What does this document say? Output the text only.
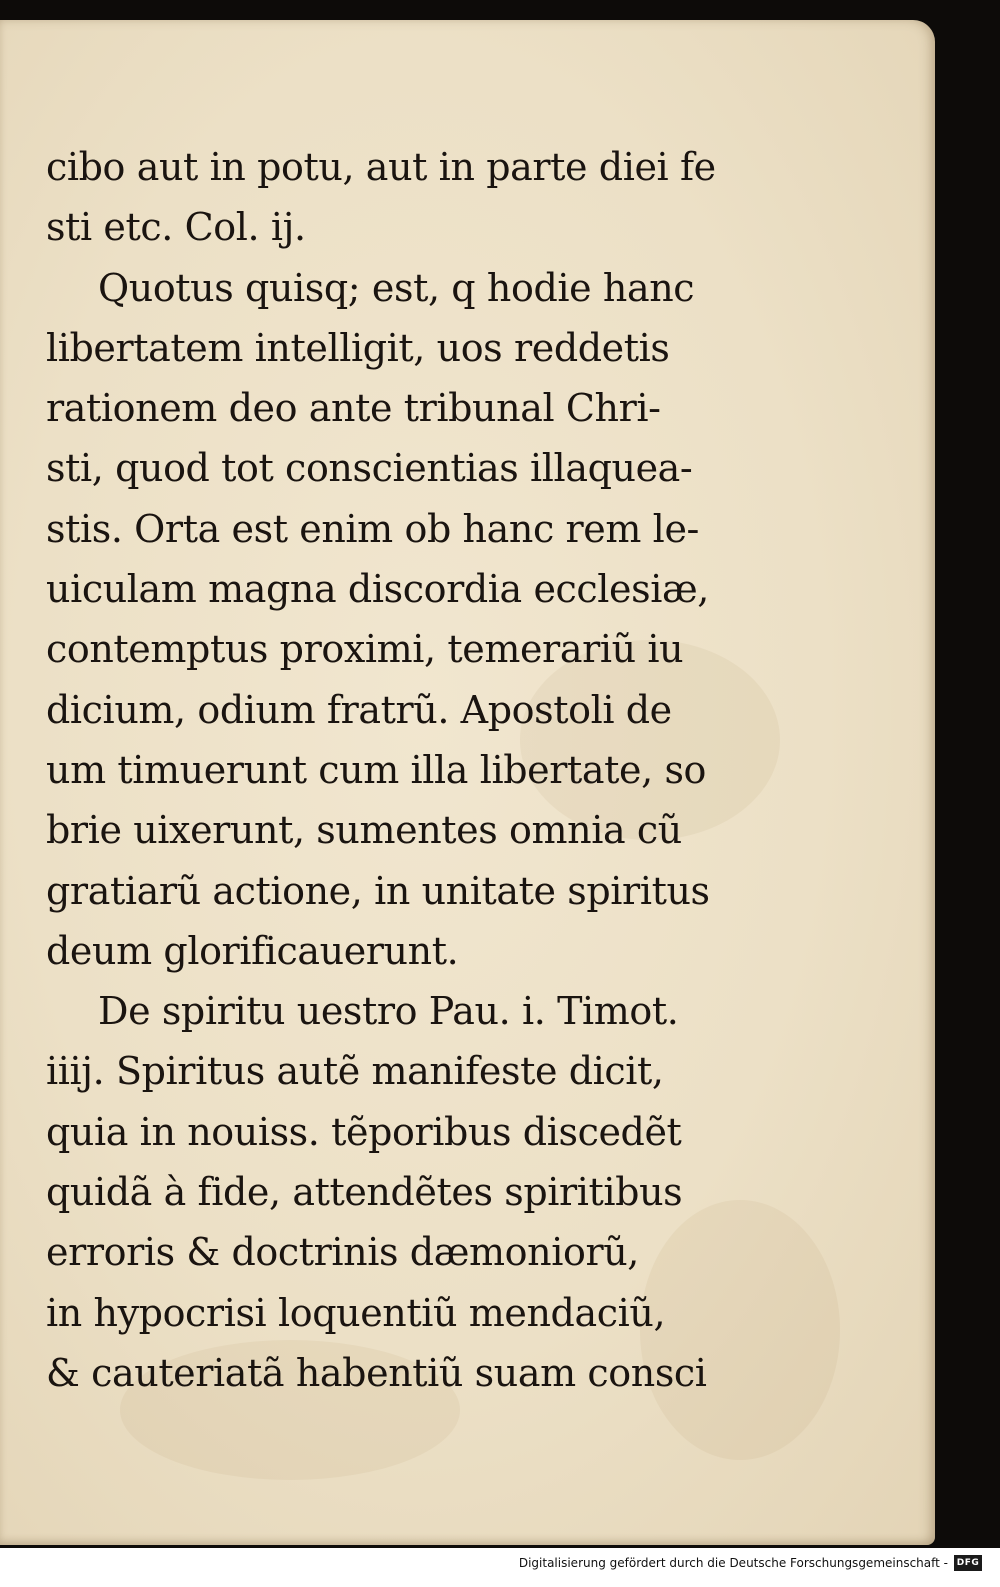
cibo aut in potu, aut in parte diei fe
sti etc. Col. ij.
Quotus quisq; est, q hodie hanc
libertatem intelligit, uos reddetis
rationem deo ante tribunal Chri-
sti, quod tot conscientias illaquea-
stis. Orta est enim ob hanc rem le-
uiculam magna discordia ecclesiæ,
contemptus proximi, temerariũ iu
dicium, odium fratrũ. Apostoli de
um timuerunt cum illa libertate, so
brie uixerunt, sumentes omnia cũ
gratiarũ actione, in unitate spiritus
deum glorificauerunt.
De spiritu uestro Pau. i. Timot.
iiij. Spiritus autẽ manifeste dicit,
quia in nouiss. tẽporibus discedẽt
quidã à fide, attendẽtes spiritibus
erroris & doctrinis dæmoniorũ,
in hypocrisi loquentiũ mendaciũ,
& cauteriatã habentiũ suam consci
Digitalisierung gefördert durch die Deutsche Forschungsgemeinschaft - DFG
